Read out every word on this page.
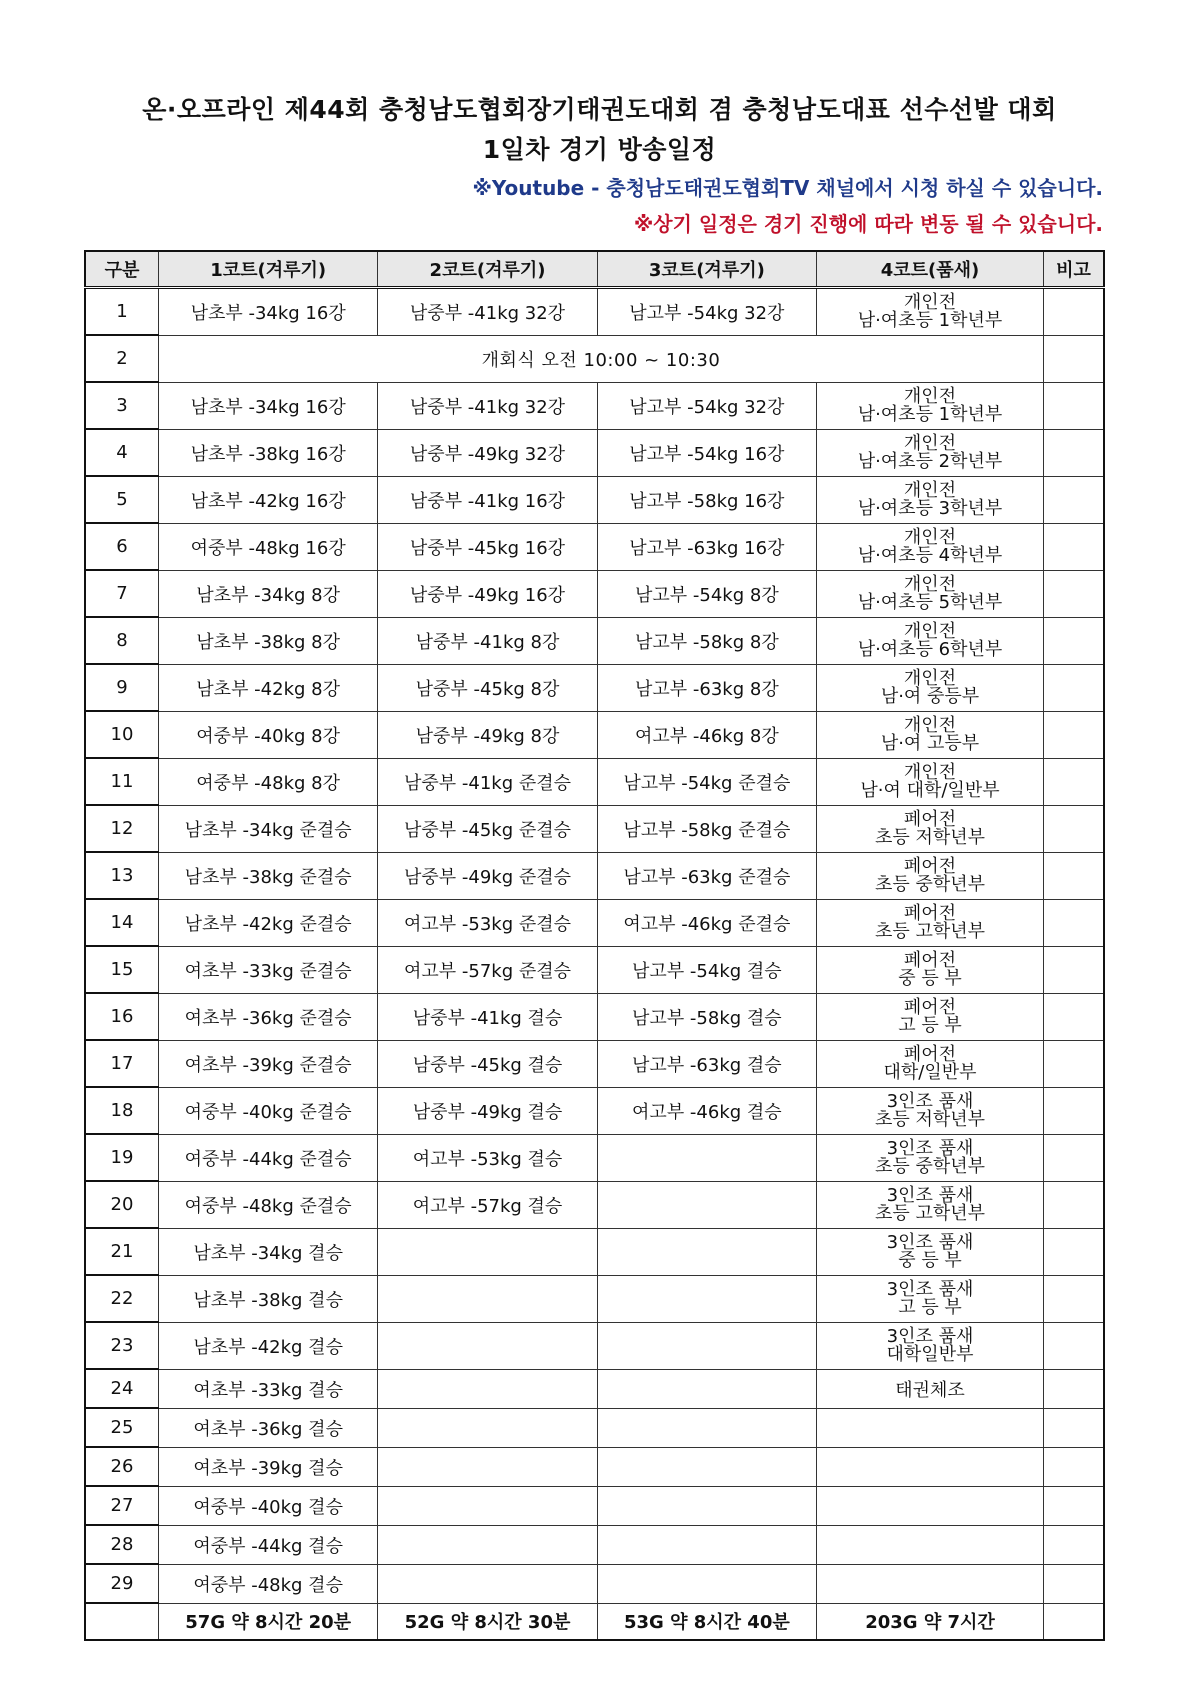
온·오프라인 제44회 충청남도협회장기태권도대회 겸 충청남도대표 선수선발 대회
1일차 경기 방송일정
※Youtube - 충청남도태권도협회TV 채널에서 시청 하실 수 있습니다.
※상기 일정은 경기 진행에 따라 변동 될 수 있습니다.
구분	1코트(겨루기)	2코트(겨루기)	3코트(겨루기)	4코트(품새)	비고
1	남초부 -34kg 16강	남중부 -41kg 32강	남고부 -54kg 32강	개인전
남·여초등 1학년부	

2	개회식 오전 10:00 ~ 10:30				
3	남초부 -34kg 16강	남중부 -41kg 32강	남고부 -54kg 32강	개인전
남·여초등 1학년부	

4	남초부 -38kg 16강	남중부 -49kg 32강	남고부 -54kg 16강	개인전
남·여초등 2학년부	

5	남초부 -42kg 16강	남중부 -41kg 16강	남고부 -58kg 16강	개인전
남·여초등 3학년부	

6	여중부 -48kg 16강	남중부 -45kg 16강	남고부 -63kg 16강	개인전
남·여초등 4학년부	

7	남초부 -34kg 8강	남중부 -49kg 16강	남고부 -54kg 8강	개인전
남·여초등 5학년부	

8	남초부 -38kg 8강	남중부 -41kg 8강	남고부 -58kg 8강	개인전
남·여초등 6학년부	

9	남초부 -42kg 8강	남중부 -45kg 8강	남고부 -63kg 8강	개인전
남·여 중등부	

10	여중부 -40kg 8강	남중부 -49kg 8강	여고부 -46kg 8강	개인전
남·여 고등부	

11	여중부 -48kg 8강	남중부 -41kg 준결승	남고부 -54kg 준결승	개인전
남·여 대학/일반부	

12	남초부 -34kg 준결승	남중부 -45kg 준결승	남고부 -58kg 준결승	페어전
초등 저학년부	

13	남초부 -38kg 준결승	남중부 -49kg 준결승	남고부 -63kg 준결승	페어전
초등 중학년부	

14	남초부 -42kg 준결승	여고부 -53kg 준결승	여고부 -46kg 준결승	페어전
초등 고학년부	

15	여초부 -33kg 준결승	여고부 -57kg 준결승	남고부 -54kg 결승	페어전
중 등 부	

16	여초부 -36kg 준결승	남중부 -41kg 결승	남고부 -58kg 결승	페어전
고 등 부	

17	여초부 -39kg 준결승	남중부 -45kg 결승	남고부 -63kg 결승	페어전
대학/일반부	

18	여중부 -40kg 준결승	남중부 -49kg 결승	여고부 -46kg 결승	3인조 품새
초등 저학년부	

19	여중부 -44kg 준결승	여고부 -53kg 결승		3인조 품새
초등 중학년부	

20	여중부 -48kg 준결승	여고부 -57kg 결승		3인조 품새
초등 고학년부	

21	남초부 -34kg 결승			3인조 품새
중 등 부	

22	남초부 -38kg 결승			3인조 품새
고 등 부	

23	남초부 -42kg 결승			3인조 품새
대학일반부	

24	여초부 -33kg 결승			태권체조	
25	여초부 -36kg 결승				
26	여초부 -39kg 결승				
27	여중부 -40kg 결승				
28	여중부 -44kg 결승				
29	여중부 -48kg 결승				
	57G 약 8시간 20분	52G 약 8시간 30분	53G 약 8시간 40분	203G 약 7시간	
